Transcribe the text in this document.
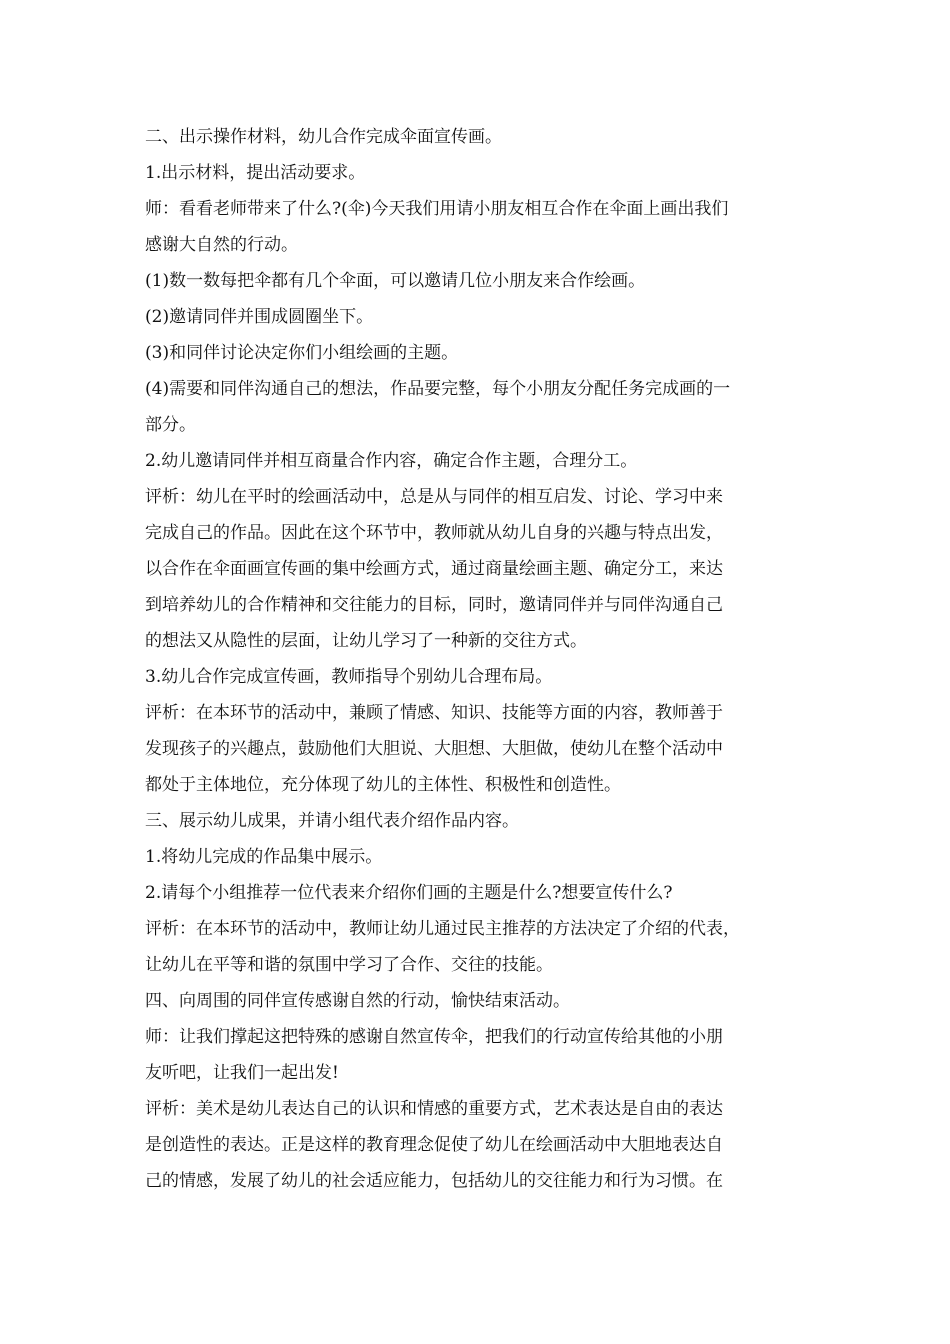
二、出示操作材料，幼儿合作完成伞面宣传画。

1.出示材料，提出活动要求。

师：看看老师带来了什么?(伞)今天我们用请小朋友相互合作在伞面上画出我们

感谢大自然的行动。

(1)数一数每把伞都有几个伞面，可以邀请几位小朋友来合作绘画。

(2)邀请同伴并围成圆圈坐下。

(3)和同伴讨论决定你们小组绘画的主题。

(4)需要和同伴沟通自己的想法，作品要完整，每个小朋友分配任务完成画的一

部分。

2.幼儿邀请同伴并相互商量合作内容，确定合作主题，合理分工。

评析：幼儿在平时的绘画活动中，总是从与同伴的相互启发、讨论、学习中来

完成自己的作品。因此在这个环节中，教师就从幼儿自身的兴趣与特点出发，

以合作在伞面画宣传画的集中绘画方式，通过商量绘画主题、确定分工，来达

到培养幼儿的合作精神和交往能力的目标，同时，邀请同伴并与同伴沟通自己

的想法又从隐性的层面，让幼儿学习了一种新的交往方式。

3.幼儿合作完成宣传画，教师指导个别幼儿合理布局。

评析：在本环节的活动中，兼顾了情感、知识、技能等方面的内容，教师善于

发现孩子的兴趣点，鼓励他们大胆说、大胆想、大胆做，使幼儿在整个活动中

都处于主体地位，充分体现了幼儿的主体性、积极性和创造性。

三、展示幼儿成果，并请小组代表介绍作品内容。

1.将幼儿完成的作品集中展示。

2.请每个小组推荐一位代表来介绍你们画的主题是什么?想要宣传什么?

评析：在本环节的活动中，教师让幼儿通过民主推荐的方法决定了介绍的代表，

让幼儿在平等和谐的氛围中学习了合作、交往的技能。

四、向周围的同伴宣传感谢自然的行动，愉快结束活动。

师：让我们撑起这把特殊的感谢自然宣传伞，把我们的行动宣传给其他的小朋

友听吧，让我们一起出发!

评析：美术是幼儿表达自己的认识和情感的重要方式，艺术表达是自由的表达

是创造性的表达。正是这样的教育理念促使了幼儿在绘画活动中大胆地表达自

己的情感，发展了幼儿的社会适应能力，包括幼儿的交往能力和行为习惯。在
